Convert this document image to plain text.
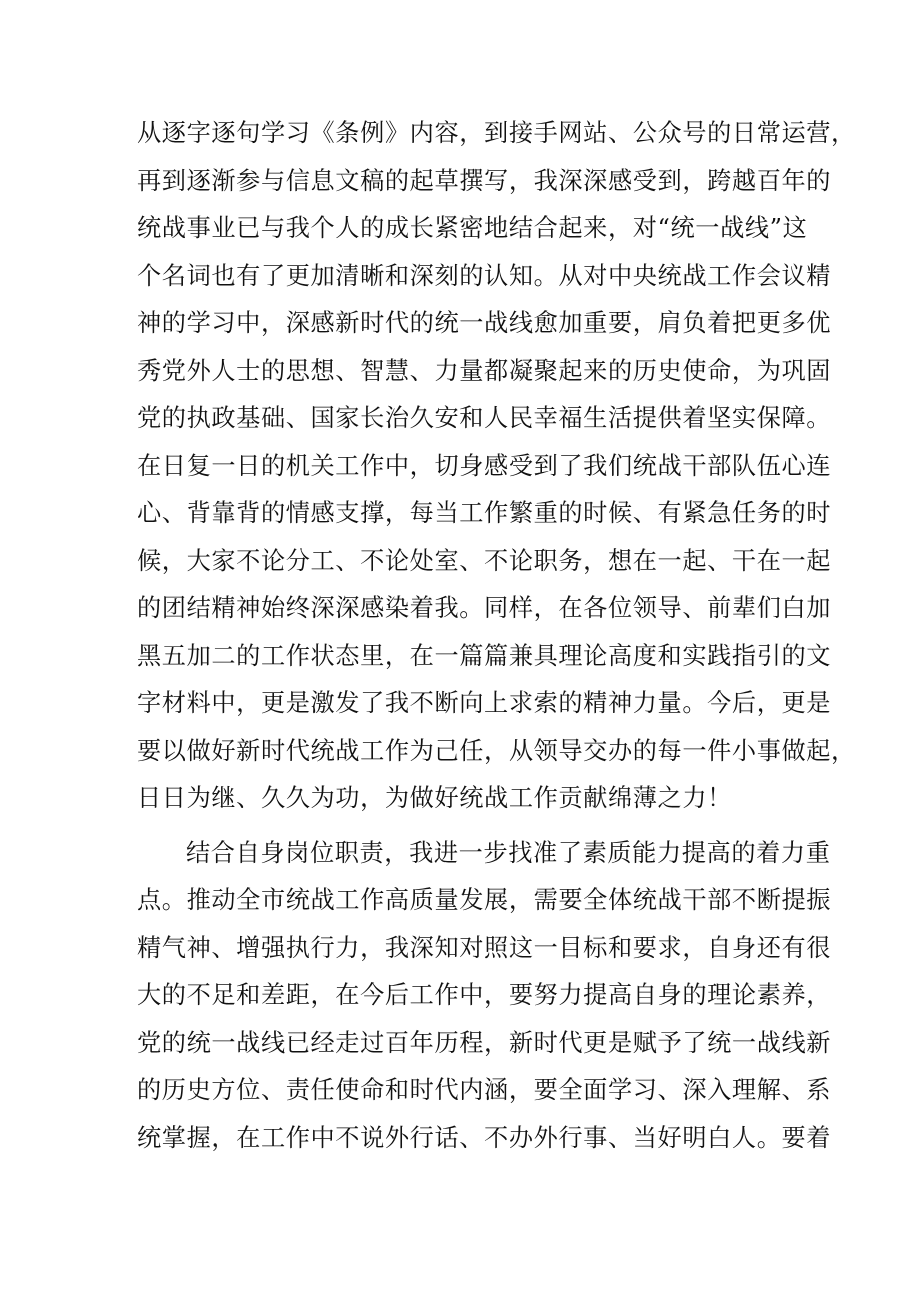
从逐字逐句学习《条例》内容，到接手网站、公众号的日常运营，
再到逐渐参与信息文稿的起草撰写，我深深感受到，跨越百年的
统战事业已与我个人的成长紧密地结合起来，对“统一战线”这
个名词也有了更加清晰和深刻的认知。从对中央统战工作会议精
神的学习中，深感新时代的统一战线愈加重要，肩负着把更多优
秀党外人士的思想、智慧、力量都凝聚起来的历史使命，为巩固
党的执政基础、国家长治久安和人民幸福生活提供着坚实保障。
在日复一日的机关工作中，切身感受到了我们统战干部队伍心连
心、背靠背的情感支撑，每当工作繁重的时候、有紧急任务的时
候，大家不论分工、不论处室、不论职务，想在一起、干在一起
的团结精神始终深深感染着我。同样，在各位领导、前辈们白加
黑五加二的工作状态里，在一篇篇兼具理论高度和实践指引的文
字材料中，更是激发了我不断向上求索的精神力量。今后，更是
要以做好新时代统战工作为己任，从领导交办的每一件小事做起，
日日为继、久久为功，为做好统战工作贡献绵薄之力！
结合自身岗位职责，我进一步找准了素质能力提高的着力重
点。推动全市统战工作高质量发展，需要全体统战干部不断提振
精气神、增强执行力，我深知对照这一目标和要求，自身还有很
大的不足和差距，在今后工作中，要努力提高自身的理论素养，
党的统一战线已经走过百年历程，新时代更是赋予了统一战线新
的历史方位、责任使命和时代内涵，要全面学习、深入理解、系
统掌握，在工作中不说外行话、不办外行事、当好明白人。要着
